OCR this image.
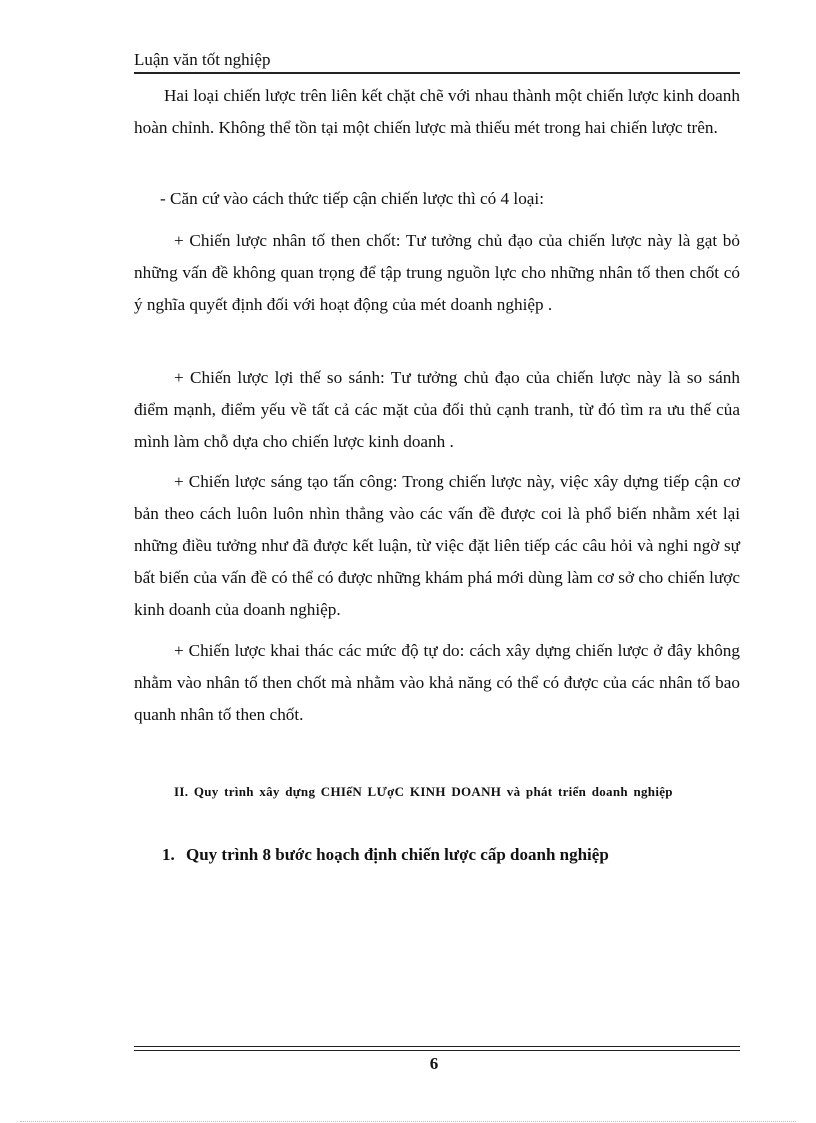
Luận văn tốt nghiệp

Hai loại chiến lược trên liên kết chặt chẽ với nhau thành một chiến lược kinh doanh hoàn chỉnh. Không thể tồn tại một chiến lược mà thiếu mét trong hai chiến lược trên.

- Căn cứ vào cách thức tiếp cận chiến lược thì có 4 loại:

+ Chiến lược nhân tố then chốt: Tư tưởng chủ đạo của chiến lược này là gạt bỏ những vấn đề không quan trọng để tập trung nguồn lực cho những nhân tố then chốt có ý nghĩa quyết định đối với hoạt động của mét doanh nghiệp .

+ Chiến lược lợi thế so sánh: Tư tưởng chủ đạo của chiến lược này là so sánh điểm mạnh, điểm yếu về tất cả các mặt của đối thủ cạnh tranh, từ đó tìm ra ưu thế của mình làm chỗ dựa cho chiến lược kinh doanh .

+ Chiến lược sáng tạo tấn công: Trong chiến lược này, việc xây dựng tiếp cận cơ bản theo cách luôn luôn nhìn thẳng vào các vấn đề được coi là phổ biến nhằm xét lại những điều tưởng như đã được kết luận, từ việc đặt liên tiếp các câu hỏi và nghi ngờ sự bất biến của vấn đề có thể có được những khám phá mới dùng làm cơ sở cho chiến lược kinh doanh của doanh nghiệp.

+ Chiến lược khai thác các mức độ tự do: cách xây dựng chiến lược ở đây không nhằm vào nhân tố then chốt mà nhằm vào khả năng có thể có được của các nhân tố bao quanh nhân tố then chốt.

II. Quy trình xây dựng CHIếN LƯợC KINH DOANH và phát triển doanh nghiệp

1. Quy trình 8 bước hoạch định chiến lược cấp doanh nghiệp

6
